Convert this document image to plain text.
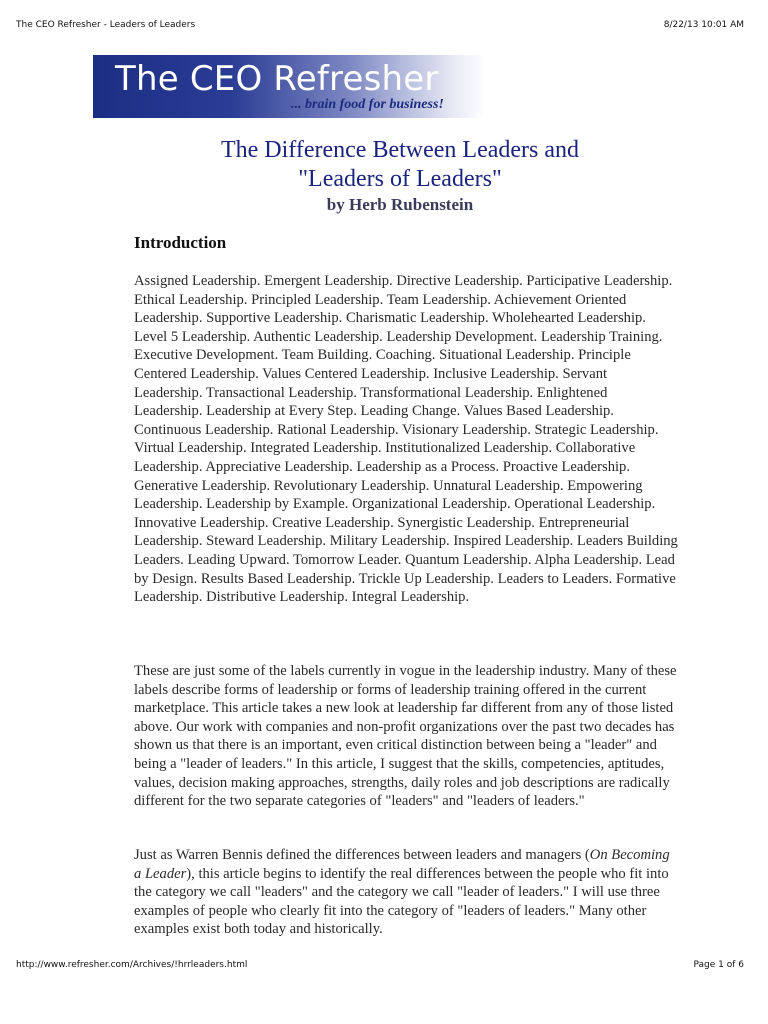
The CEO Refresher - Leaders of Leaders	8/22/13 10:01 AM
The CEO Refresher
... brain food for business!
The Difference Between Leaders and
"Leaders of Leaders"
by Herb Rubenstein
Introduction

Assigned Leadership. Emergent Leadership. Directive Leadership. Participative Leadership. Ethical Leadership. Principled Leadership. Team Leadership. Achievement Oriented Leadership. Supportive Leadership. Charismatic Leadership. Wholehearted Leadership. Level 5 Leadership. Authentic Leadership. Leadership Development. Leadership Training. Executive Development. Team Building. Coaching. Situational Leadership. Principle Centered Leadership. Values Centered Leadership. Inclusive Leadership. Servant Leadership. Transactional Leadership. Transformational Leadership. Enlightened Leadership. Leadership at Every Step. Leading Change. Values Based Leadership. Continuous Leadership. Rational Leadership. Visionary Leadership. Strategic Leadership. Virtual Leadership. Integrated Leadership. Institutionalized Leadership. Collaborative Leadership. Appreciative Leadership. Leadership as a Process. Proactive Leadership. Generative Leadership. Revolutionary Leadership. Unnatural Leadership. Empowering Leadership. Leadership by Example. Organizational Leadership. Operational Leadership. Innovative Leadership. Creative Leadership. Synergistic Leadership. Entrepreneurial Leadership. Steward Leadership. Military Leadership. Inspired Leadership. Leaders Building Leaders. Leading Upward. Tomorrow Leader. Quantum Leadership. Alpha Leadership. Lead by Design. Results Based Leadership. Trickle Up Leadership. Leaders to Leaders. Formative Leadership. Distributive Leadership. Integral Leadership.

These are just some of the labels currently in vogue in the leadership industry. Many of these labels describe forms of leadership or forms of leadership training offered in the current marketplace. This article takes a new look at leadership far different from any of those listed above. Our work with companies and non-profit organizations over the past two decades has shown us that there is an important, even critical distinction between being a "leader" and being a "leader of leaders." In this article, I suggest that the skills, competencies, aptitudes, values, decision making approaches, strengths, daily roles and job descriptions are radically different for the two separate categories of "leaders" and "leaders of leaders."

Just as Warren Bennis defined the differences between leaders and managers (On Becoming a Leader), this article begins to identify the real differences between the people who fit into the category we call "leaders" and the category we call "leader of leaders." I will use three examples of people who clearly fit into the category of "leaders of leaders." Many other examples exist both today and historically.

http://www.refresher.com/Archives/!hrrleaders.html	Page 1 of 6
